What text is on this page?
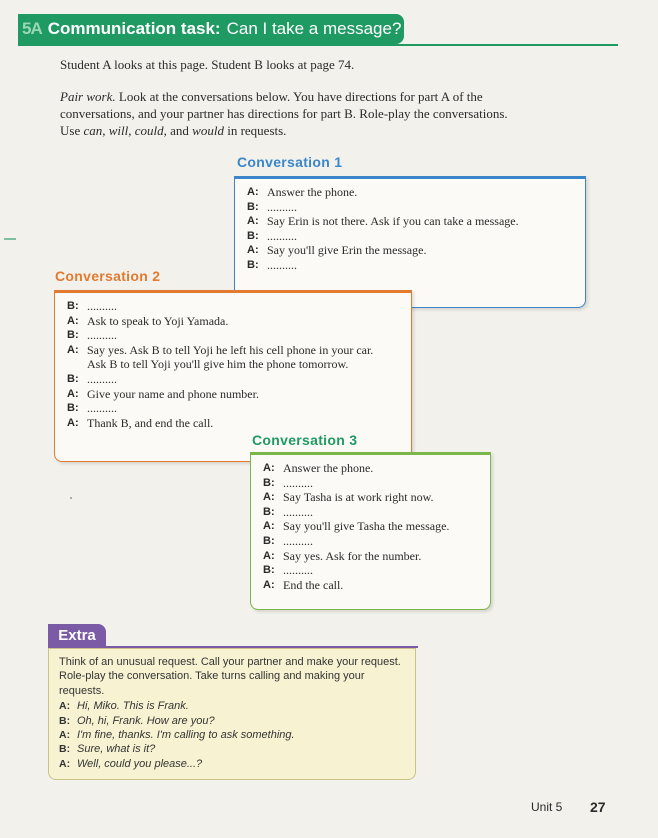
5A Communication task: Can I take a message?
Student A looks at this page. Student B looks at page 74.
Pair work. Look at the conversations below. You have directions for part A of the conversations, and your partner has directions for part B. Role-play the conversations. Use can, will, could, and would in requests.
Conversation 1
A: Answer the phone.
B: ..........
A: Say Erin is not there. Ask if you can take a message.
B: ..........
A: Say you'll give Erin the message.
B: ..........
B: ..........
A: Ask to speak to Yoji Yamada.
B: ..........
A: Say yes. Ask B to tell Yoji he left his cell phone in your car.
Ask B to tell Yoji you'll give him the phone tomorrow.
B: ..........
A: Give your name and phone number.
B: ..........
A: Thank B, and end the call.
Conversation 2
A: Answer the phone.
B: ..........
A: Say Tasha is at work right now.
B: ..........
A: Say you'll give Tasha the message.
B: ..........
A: Say yes. Ask for the number.
B: ..........
A: End the call.
Conversation 3
Extra
Think of an unusual request. Call your partner and make your request. Role-play the conversation. Take turns calling and making your requests.
A: Hi, Miko. This is Frank.
B: Oh, hi, Frank. How are you?
A: I'm fine, thanks. I'm calling to ask something.
B: Sure, what is it?
A: Well, could you please...?
Unit 5 27
